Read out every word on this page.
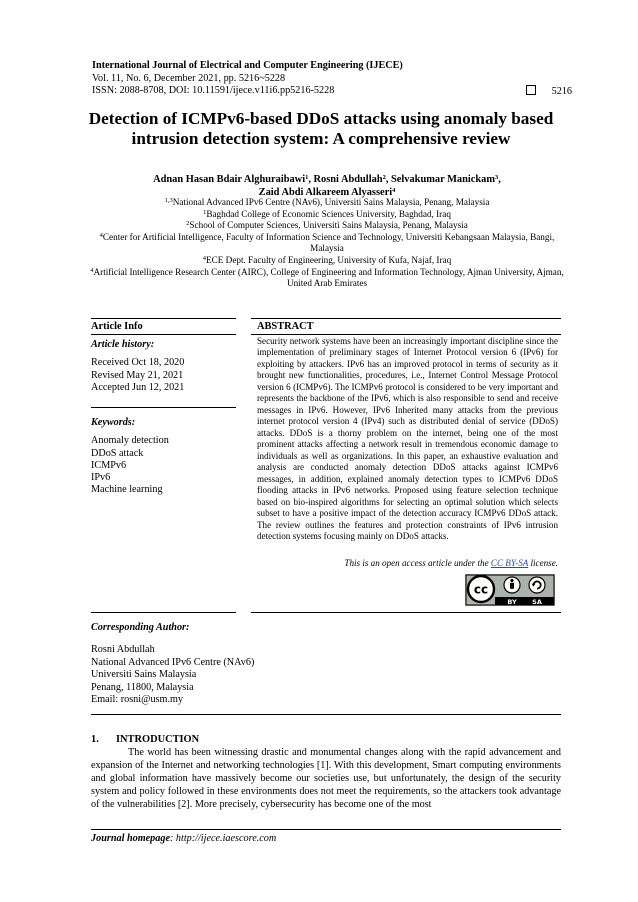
International Journal of Electrical and Computer Engineering (IJECE)
Vol. 11, No. 6, December 2021, pp. 5216~5228
ISSN: 2088-8708, DOI: 10.11591/ijece.v11i6.pp5216-5228	5216
Detection of ICMPv6-based DDoS attacks using anomaly based
intrusion detection system: A comprehensive review
Adnan Hasan Bdair Alghuraibawi$^1$, Rosni Abdullah$^2$, Selvakumar Manickam$^3$,
Zaid Abdi Alkareem Alyasseri$^4$
$^{1,3}$National Advanced IPv6 Centre (NAv6), Universiti Sains Malaysia, Penang, Malaysia
$^1$Baghdad College of Economic Sciences University, Baghdad, Iraq
$^2$School of Computer Sciences, Universiti Sains Malaysia, Penang, Malaysia
$^4$Center for Artificial Intelligence, Faculty of Information Science and Technology, Universiti Kebangsaan Malaysia, Bangi, Malaysia
$^4$ECE Dept. Faculty of Engineering, University of Kufa, Najaf, Iraq
$^4$Artificial Intelligence Research Center (AIRC), College of Engineering and Information Technology, Ajman University, Ajman, United Arab Emirates
Article Info	ABSTRACT
Article history:
Received Oct 18, 2020
Revised May 21, 2021
Accepted Jun 12, 2021
Keywords:
Anomaly detection
DDoS attack
ICMPv6
IPv6
Machine learning
Security network systems have been an increasingly important discipline since the implementation of preliminary stages of Internet Protocol version 6 (IPv6) for exploiting by attackers. IPv6 has an improved protocol in terms of security as it brought new functionalities, procedures, i.e., Internet Control Message Protocol version 6 (ICMPv6). The ICMPv6 protocol is considered to be very important and represents the backbone of the IPv6, which is also responsible to send and receive messages in IPv6. However, IPv6 Inherited many attacks from the previous internet protocol version 4 (IPv4) such as distributed denial of service (DDoS) attacks. DDoS is a thorny problem on the internet, being one of the most prominent attacks affecting a network result in tremendous economic damage to individuals as well as organizations. In this paper, an exhaustive evaluation and analysis are conducted anomaly detection DDoS attacks against ICMPv6 messages, in addition, explained anomaly detection types to ICMPv6 DDoS flooding attacks in IPv6 networks. Proposed using feature selection technique based on bio-inspired algorithms for selecting an optimal solution which selects subset to have a positive impact of the detection accuracy ICMPv6 DDoS attack. The review outlines the features and protection constraints of IPv6 intrusion detection systems focusing mainly on DDoS attacks.
This is an open access article under the CC BY-SA license.
cc
BY SA
Corresponding Author:
Rosni Abdullah
National Advanced IPv6 Centre (NAv6)
Universiti Sains Malaysia
Penang, 11800, Malaysia
Email: rosni@usm.my
1. INTRODUCTION
The world has been witnessing drastic and monumental changes along with the rapid advancement and expansion of the Internet and networking technologies [1]. With this development, Smart computing environments and global information have massively become our societies use, but unfortunately, the design of the security system and policy followed in these environments does not meet the requirements, so the attackers took advantage of the vulnerabilities [2]. More precisely, cybersecurity has become one of the most
Journal homepage: http://ijece.iaescore.com
